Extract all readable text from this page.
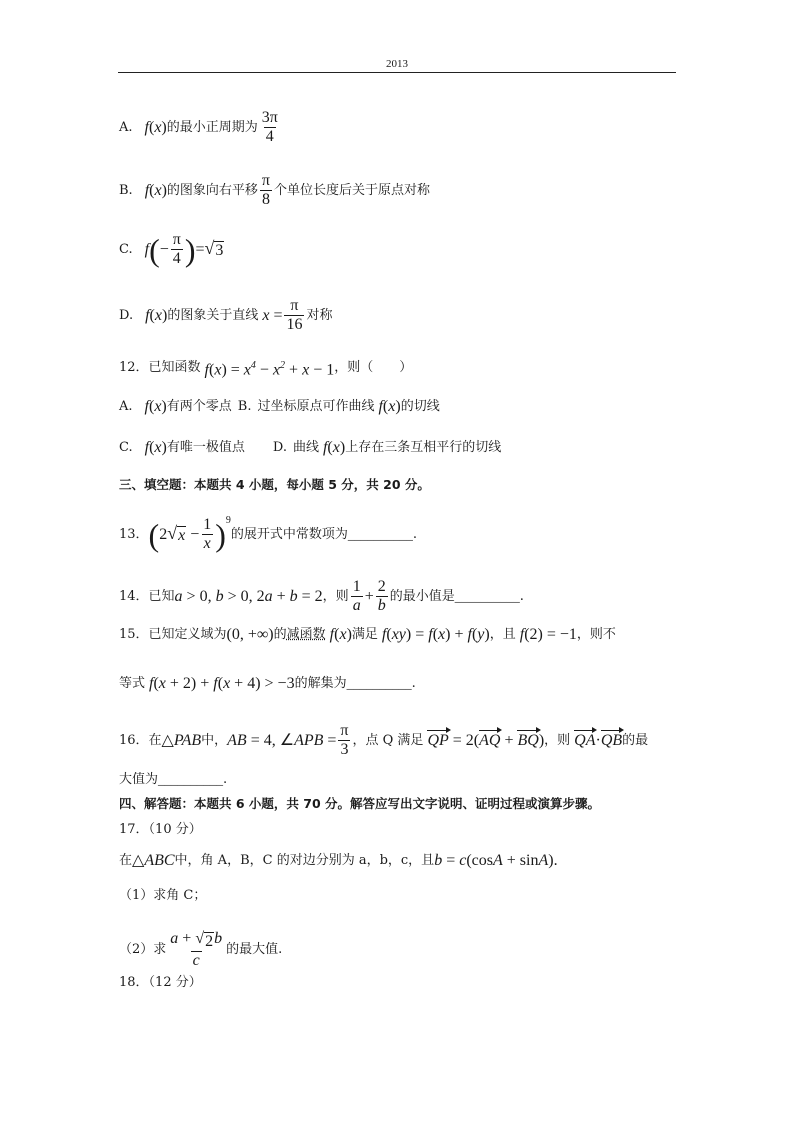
2013
A. f(x) 的最小正周期为 $\frac{3\pi}{4}$
B. f(x) 的图象向右平移 $\frac{\pi}{8}$ 个单位长度后关于原点对称
C. f ( − $\frac{\pi}{4}$ ) = √ 3
D. f(x) 的图象关于直线 $x = \frac{\pi}{16}$ 对称
12．已知函数 $f(x) = x^4 - x^2 + x - 1$ ，则（　　）
A. f(x) 有两个零点 B. 过坐标原点可作曲线 f(x) 的切线
C. f(x) 有唯一极值点 D. 曲线 f(x) 上存在三条互相平行的切线
三、填空题：本题共 4 小题，每小题 5 分，共 20 分。
13． ( 2 √ $x - \frac{1}{x} )^9$
的展开式中常数项为 __________ .
14．已知 a > 0, b > 0, 2a + b = 2 ，则 $\frac{1}{a} + \frac{2}{b}$ 的最小值是 __________ .
15．已知定义域为 (0, +∞) 的 减函数 f(x) 满足 f(xy) = f(x) + f(y) ，且 f(2) = −1 ，则不
等式 f(x + 2) + f(x + 4) > −3 的解集为 __________ .
16．在 △PAB 中， AB = 4, ∠APB = $\frac{\pi}{3}$ ，点 Q 满足 QP = 2(AQ + BQ) ，则 QA·QB 的最
大值为 __________ .
四、解答题：本题共 6 小题，共 70 分。解答应写出文字说明、证明过程或演算步骤。
17．（10 分）
在 △ABC 中，角 A，B，C 的对边分别为 a，b，c，且 b = c(cosA + sinA).
（1）求角 C；
（2）求 $\frac{a + √ 2 b}{c}$ 的最大值.
18．（12 分）
